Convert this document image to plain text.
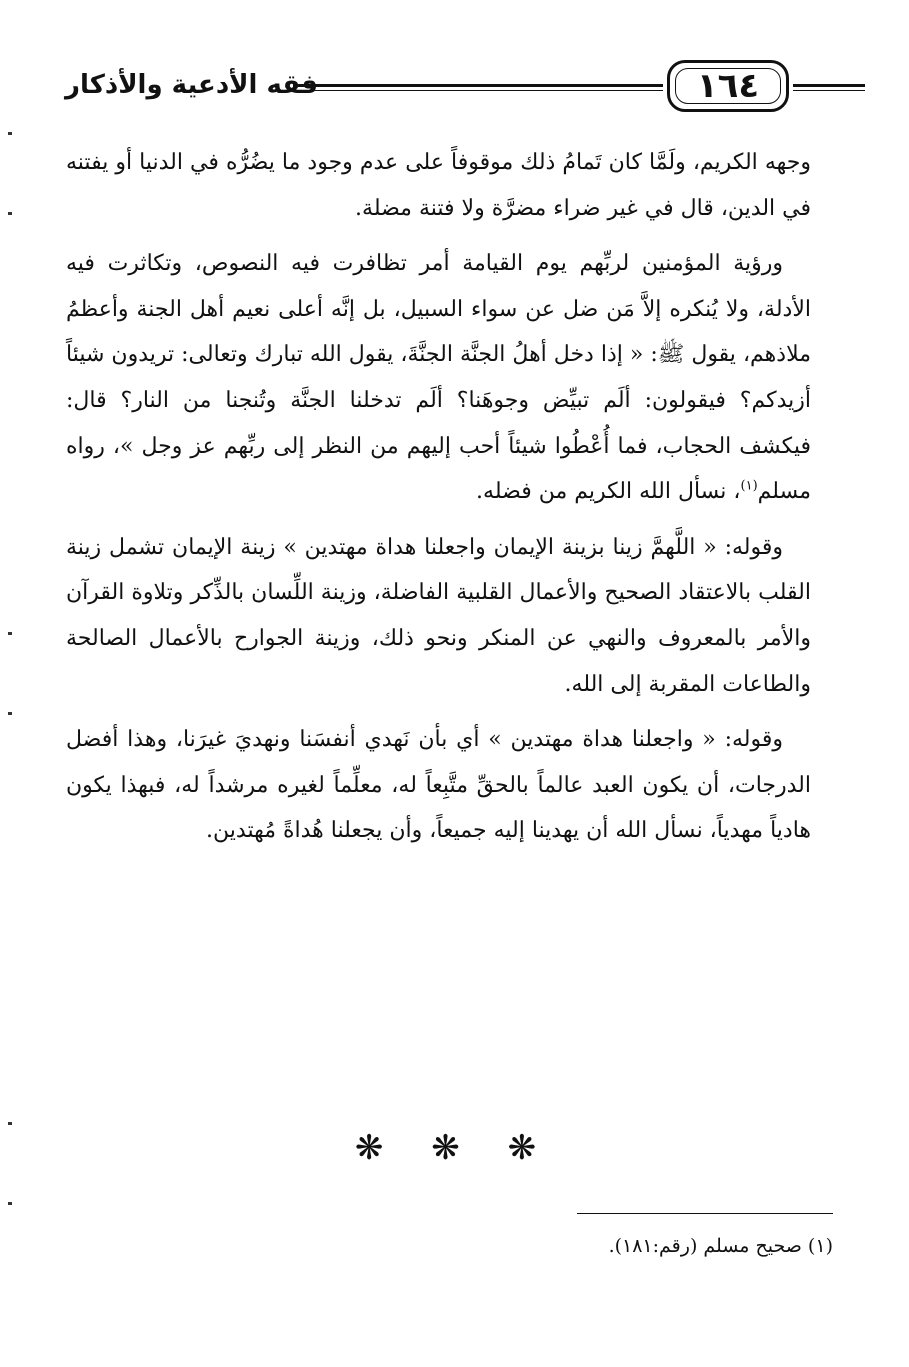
فقه الأدعية والأذكار	١٦٤

وجهه الكريم، ولَمَّا كان تَمامُ ذلك موقوفاً على عدم وجود ما يضُرُّه في الدنيا أو يفتنه في الدين، قال في غير ضراء مضرَّة ولا فتنة مضلة.

ورؤية المؤمنين لربِّهم يوم القيامة أمر تظافرت فيه النصوص، وتكاثرت فيه الأدلة، ولا يُنكره إلاَّ مَن ضل عن سواء السبيل، بل إنَّه أعلى نعيم أهل الجنة وأعظمُ ملاذهم، يقول ﷺ: « إذا دخل أهلُ الجنَّة الجنَّةَ، يقول الله تبارك وتعالى: تريدون شيئاً أزيدكم؟ فيقولون: ألَم تبيِّض وجوهَنا؟ ألَم تدخلنا الجنَّة وتُنجنا من النار؟ قال: فيكشف الحجاب، فما أُعْطُوا شيئاً أحب إليهم من النظر إلى ربِّهم عز وجل »، رواه مسلم$^{(١)}$، نسأل الله الكريم من فضله.

وقوله: « اللَّهمَّ زينا بزينة الإيمان واجعلنا هداة مهتدين » زينة الإيمان تشمل زينة القلب بالاعتقاد الصحيح والأعمال القلبية الفاضلة، وزينة اللِّسان بالذِّكر وتلاوة القرآن والأمر بالمعروف والنهي عن المنكر ونحو ذلك، وزينة الجوارح بالأعمال الصالحة والطاعات المقربة إلى الله.

وقوله: « واجعلنا هداة مهتدين » أي بأن نَهدي أنفسَنا ونهديَ غيرَنا، وهذا أفضل الدرجات، أن يكون العبد عالماً بالحقِّ متَّبِعاً له، معلِّماً لغيره مرشداً له، فبهذا يكون هادياً مهدياً، نسأل الله أن يهدينا إليه جميعاً، وأن يجعلنا هُداةً مُهتدين.

❋ ❋ ❋
(١) صحيح مسلم (رقم:١٨١).
